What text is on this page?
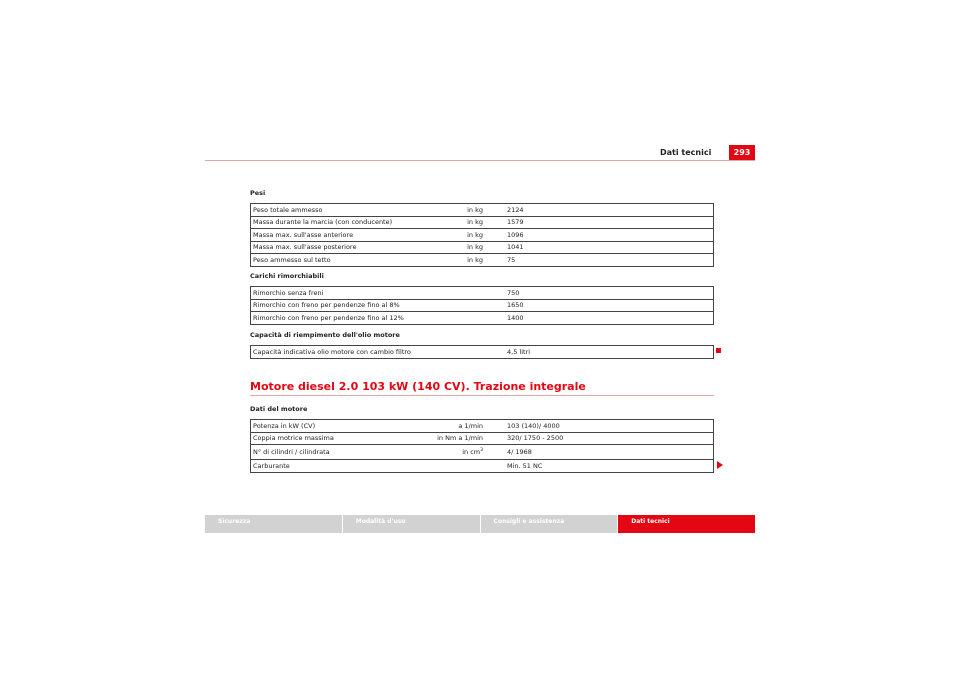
Dati tecnici	293
Pesi
Peso totale ammesso	in kg	2124
Massa durante la marcia (con conducente)	in kg	1579
Massa max. sull'asse anteriore	in kg	1096
Massa max. sull'asse posteriore	in kg	1041
Peso ammesso sul tetto	in kg	75
Carichi rimorchiabili
Rimorchio senza freni	750
Rimorchio con freno per pendenze fino al 8%	1650
Rimorchio con freno per pendenze fino al 12%	1400
Capacità di riempimento dell'olio motore
Capacità indicativa olio motore con cambio filtro	4,5 litri
Motore diesel 2.0 103 kW (140 CV). Trazione integrale
Dati del motore
Potenza in kW (CV)	a 1/min	103 (140)/ 4000
Coppia motrice massima	in Nm a 1/min	320/ 1750 - 2500
N° di cilindri / cilindrata	in $cm^3$	4/ 1968
Carburante		Min. 51 NC
Sicurezza	Modalità d'uso	Consigli e assistenza	Dati tecnici
